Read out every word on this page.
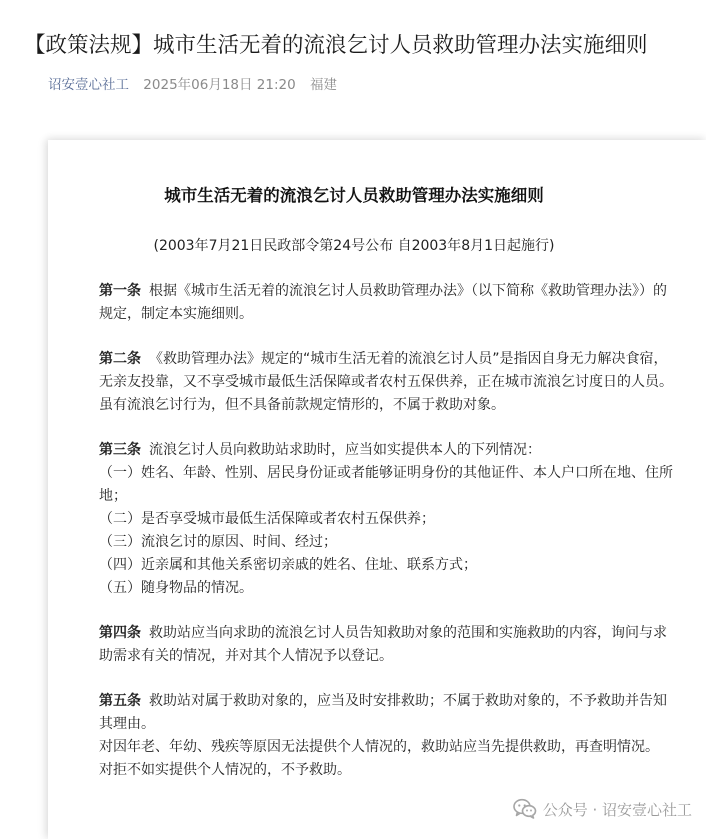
【政策法规】城市生活无着的流浪乞讨人员救助管理办法实施细则
诏安壹心社工 2025年06月18日 21:20 福建
城市生活无着的流浪乞讨人员救助管理办法实施细则
(2003年7月21日民政部令第24号公布 自2003年8月1日起施行)

第一条 根据《城市生活无着的流浪乞讨人员救助管理办法》（以下简称《救助管理办法》）的规定，制定本实施细则。

第二条 《救助管理办法》规定的“城市生活无着的流浪乞讨人员”是指因自身无力解决食宿，无亲友投靠，又不享受城市最低生活保障或者农村五保供养，正在城市流浪乞讨度日的人员。

虽有流浪乞讨行为，但不具备前款规定情形的，不属于救助对象。

第三条 流浪乞讨人员向救助站求助时，应当如实提供本人的下列情况：

（一）姓名、年龄、性别、居民身份证或者能够证明身份的其他证件、本人户口所在地、住所地；

（二）是否享受城市最低生活保障或者农村五保供养；

（三）流浪乞讨的原因、时间、经过；

（四）近亲属和其他关系密切亲戚的姓名、住址、联系方式；

（五）随身物品的情况。

第四条 救助站应当向求助的流浪乞讨人员告知救助对象的范围和实施救助的内容，询问与求助需求有关的情况，并对其个人情况予以登记。

第五条 救助站对属于救助对象的，应当及时安排救助；不属于救助对象的，不予救助并告知其理由。

对因年老、年幼、残疾等原因无法提供个人情况的，救助站应当先提供救助，再查明情况。

对拒不如实提供个人情况的，不予救助。

公众号 · 诏安壹心社工
